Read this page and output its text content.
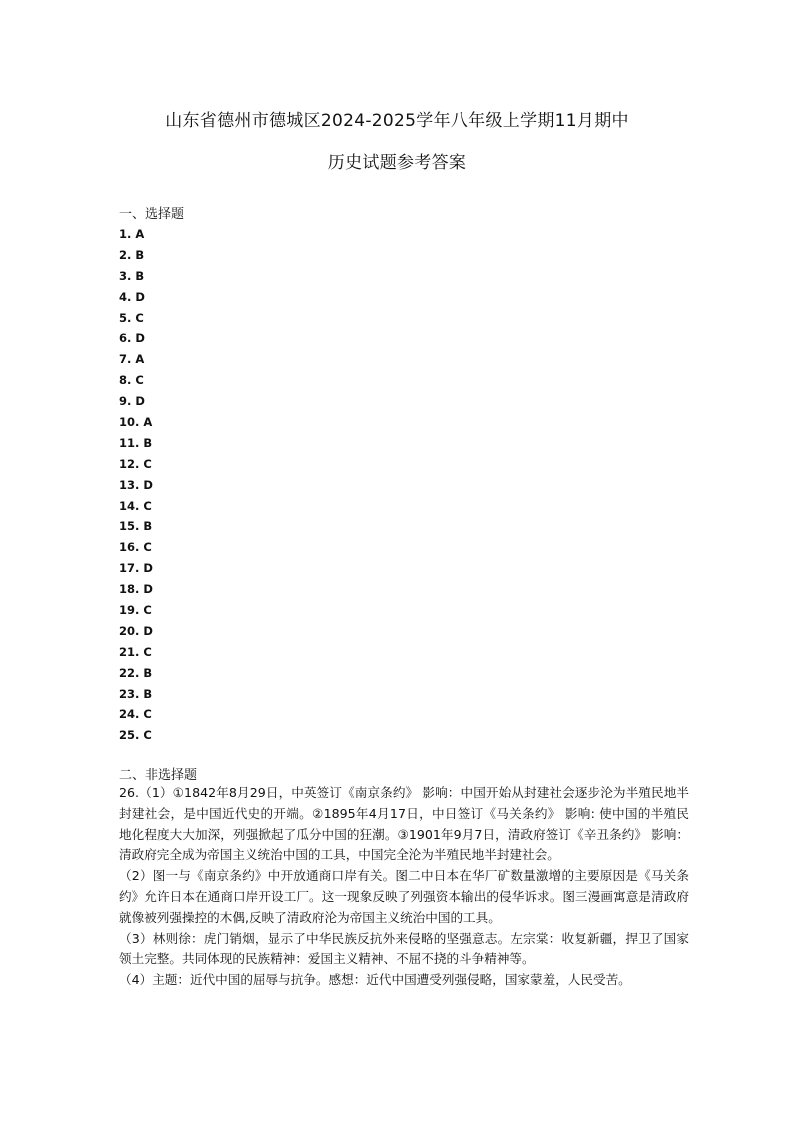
山东省德州市德城区2024-2025学年八年级上学期11月期中
历史试题参考答案
一、选择题
1. A
2. B
3. B
4. D
5. C
6. D
7. A
8. C
9. D
10. A
11. B
12. C
13. D
14. C
15. B
16. C
17. D
18. D
19. C
20. D
21. C
22. B
23. B
24. C
25. C
二、非选择题

26.（1）①1842年8月29日，中英签订《南京条约》 影响：中国开始从封建社会逐步沦为半殖民地半封建社会，是中国近代史的开端。②1895年4月17日，中日签订《马关条约》 影响: 使中国的半殖民地化程度大大加深，列强掀起了瓜分中国的狂潮。③1901年9月7日，清政府签订《辛丑条约》 影响：清政府完全成为帝国主义统治中国的工具，中国完全沦为半殖民地半封建社会。

（2）图一与《南京条约》中开放通商口岸有关。图二中日本在华厂矿数量激增的主要原因是《马关条约》允许日本在通商口岸开设工厂。这一现象反映了列强资本输出的侵华诉求。图三漫画寓意是清政府就像被列强操控的木偶,反映了清政府沦为帝国主义统治中国的工具。

（3）林则徐：虎门销烟，显示了中华民族反抗外来侵略的坚强意志。左宗棠：收复新疆，捍卫了国家领土完整。共同体现的民族精神：爱国主义精神、不屈不挠的斗争精神等。

（4）主题：近代中国的屈辱与抗争。感想：近代中国遭受列强侵略，国家蒙羞，人民受苦。
